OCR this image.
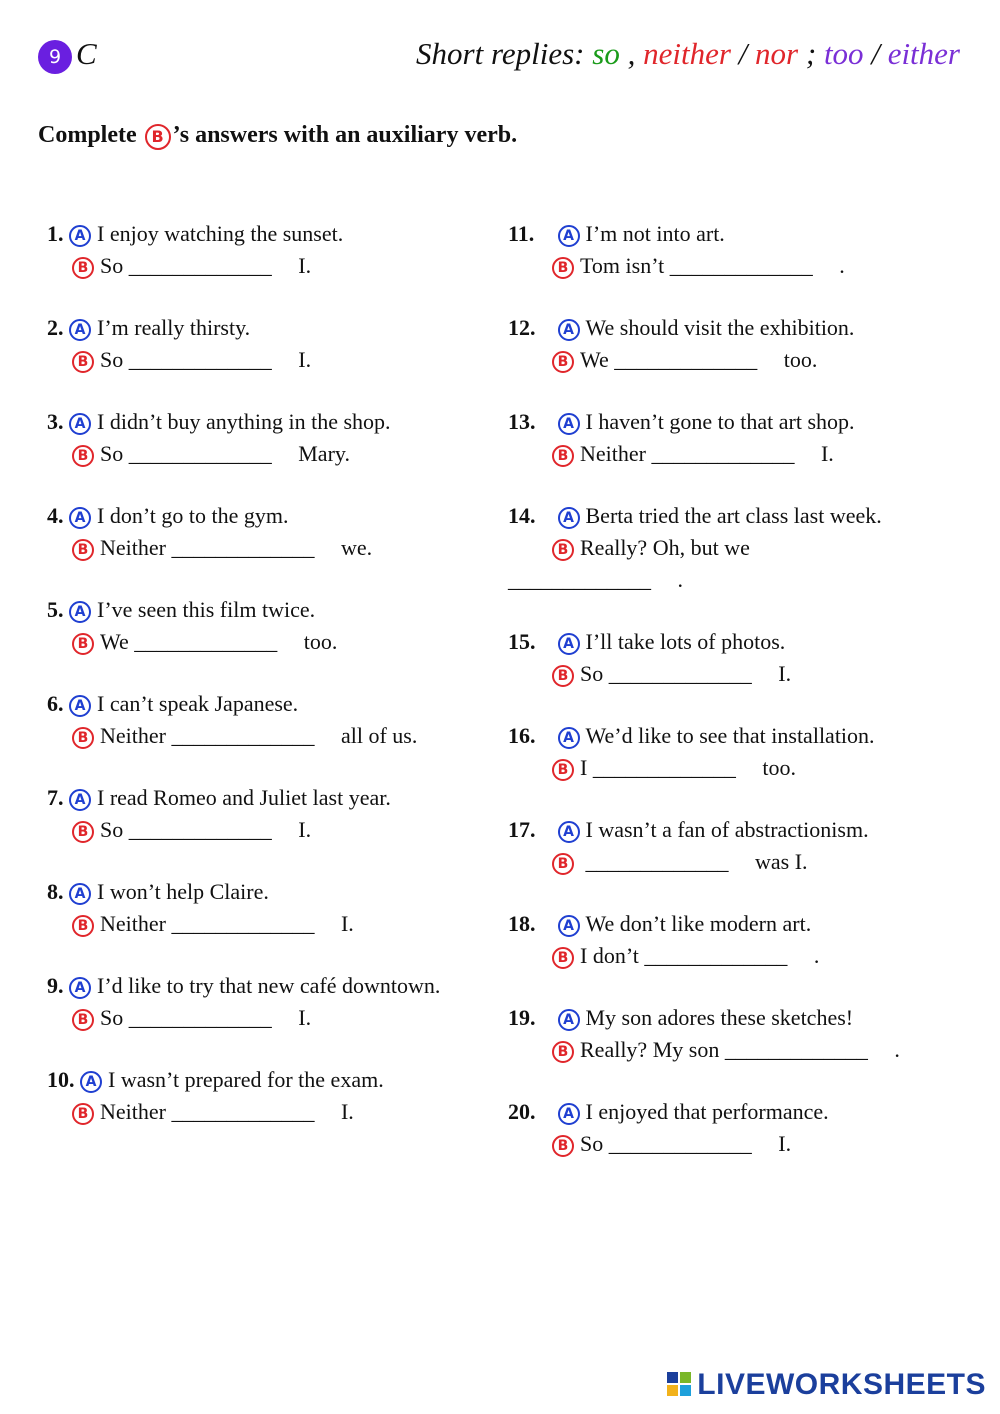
9 C	Short replies: so , neither / nor ; too / either
Complete B ’s answers with an auxiliary verb.
1. A I enjoy watching the sunset.
B So _____________ I.
2. A I’m really thirsty.
B So _____________ I.
3. A I didn’t buy anything in the shop.
B So _____________ Mary.
4. A I don’t go to the gym.
B Neither _____________ we.
5. A I’ve seen this film twice.
B We _____________ too.
6. A I can’t speak Japanese.
B Neither _____________ all of us.
7. A I read Romeo and Juliet last year.
B So _____________ I.
8. A I won’t help Claire.
B Neither _____________ I.
9. A I’d like to try that new café downtown.
B So _____________ I.
10. A I wasn’t prepared for the exam.
B Neither _____________ I.
11. A I’m not into art.
B Tom isn’t _____________ .
12. A We should visit the exhibition.
B We _____________ too.
13. A I haven’t gone to that art shop.
B Neither _____________ I.
14. A Berta tried the art class last week.
B Really? Oh, but we
_____________ .
15. A I’ll take lots of photos.
B So _____________ I.
16. A We’d like to see that installation.
B I _____________ too.
17. A I wasn’t a fan of abstractionism.
B _____________ was I.
18. A We don’t like modern art.
B I don’t _____________ .
19. A My son adores these sketches!
B Really? My son _____________ .
20. A I enjoyed that performance.
B So _____________ I.
LIVEWORKSHEETS
